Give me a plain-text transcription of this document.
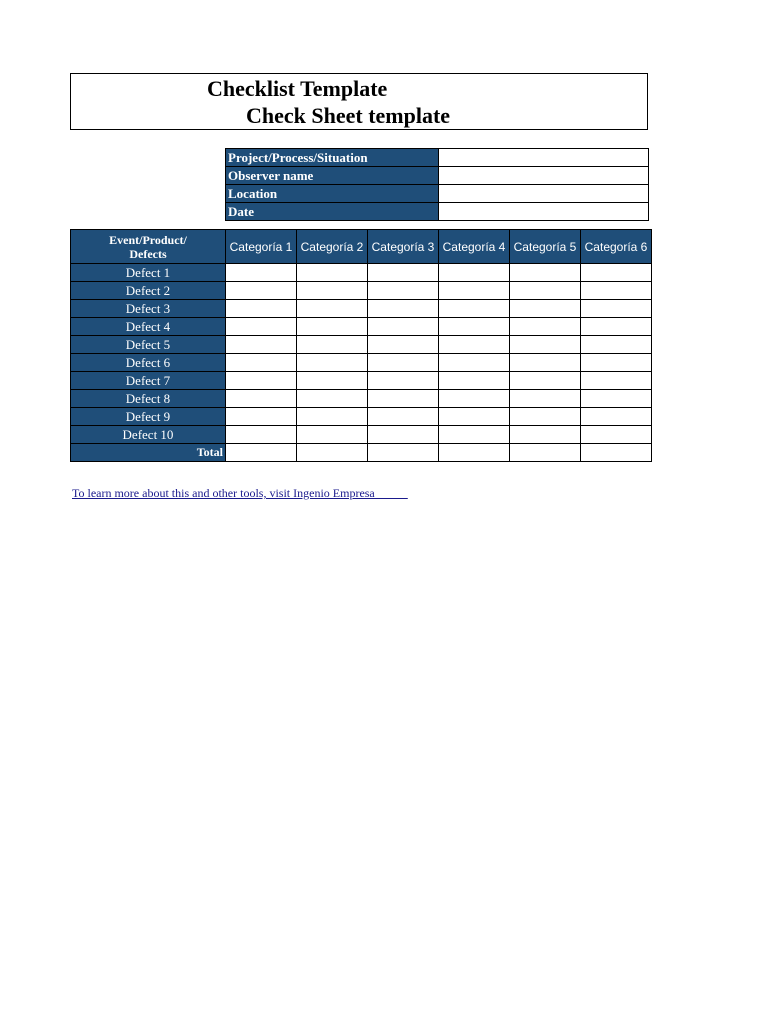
Checklist Template
Check Sheet template
Project/Process/Situation	
Observer name	
Location	
Date	
Event/Product/
Defects	Categoría 1	Categoría 2	Categoría 3	Categoría 4	Categoría 5	Categoría 6
Defect 1						
Defect 2						
Defect 3						
Defect 4						
Defect 5						
Defect 6						
Defect 7						
Defect 8						
Defect 9						
Defect 10						
Total						
To learn more about this and other tools, visit Ingenio Empresa
